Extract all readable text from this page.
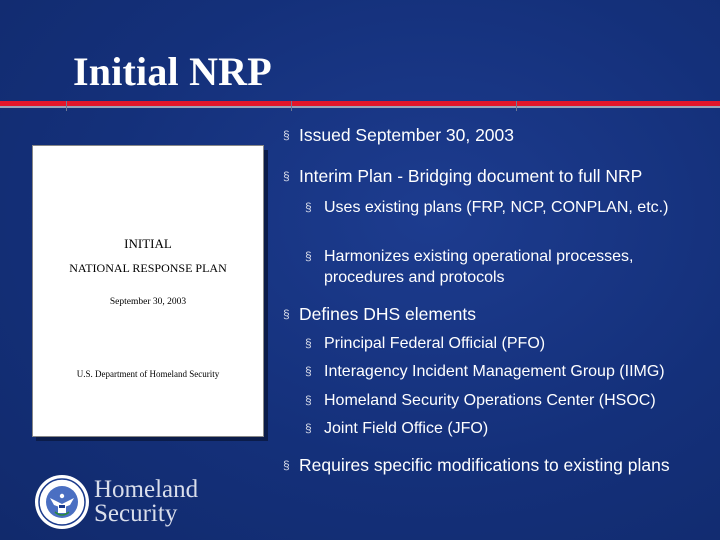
Initial NRP
INITIAL
NATIONAL RESPONSE PLAN
September 30, 2003
U.S. Department of Homeland Security
§ Issued September 30, 2003
§ Interim Plan - Bridging document to full NRP
§ Uses existing plans (FRP, NCP, CONPLAN, etc.)
§ Harmonizes existing operational processes, procedures and protocols
§ Defines DHS elements
§ Principal Federal Official (PFO)
§ Interagency Incident Management Group (IIMG)
§ Homeland Security Operations Center (HSOC)
§ Joint Field Office (JFO)
§ Requires specific modifications to existing plans
Homeland
Security
